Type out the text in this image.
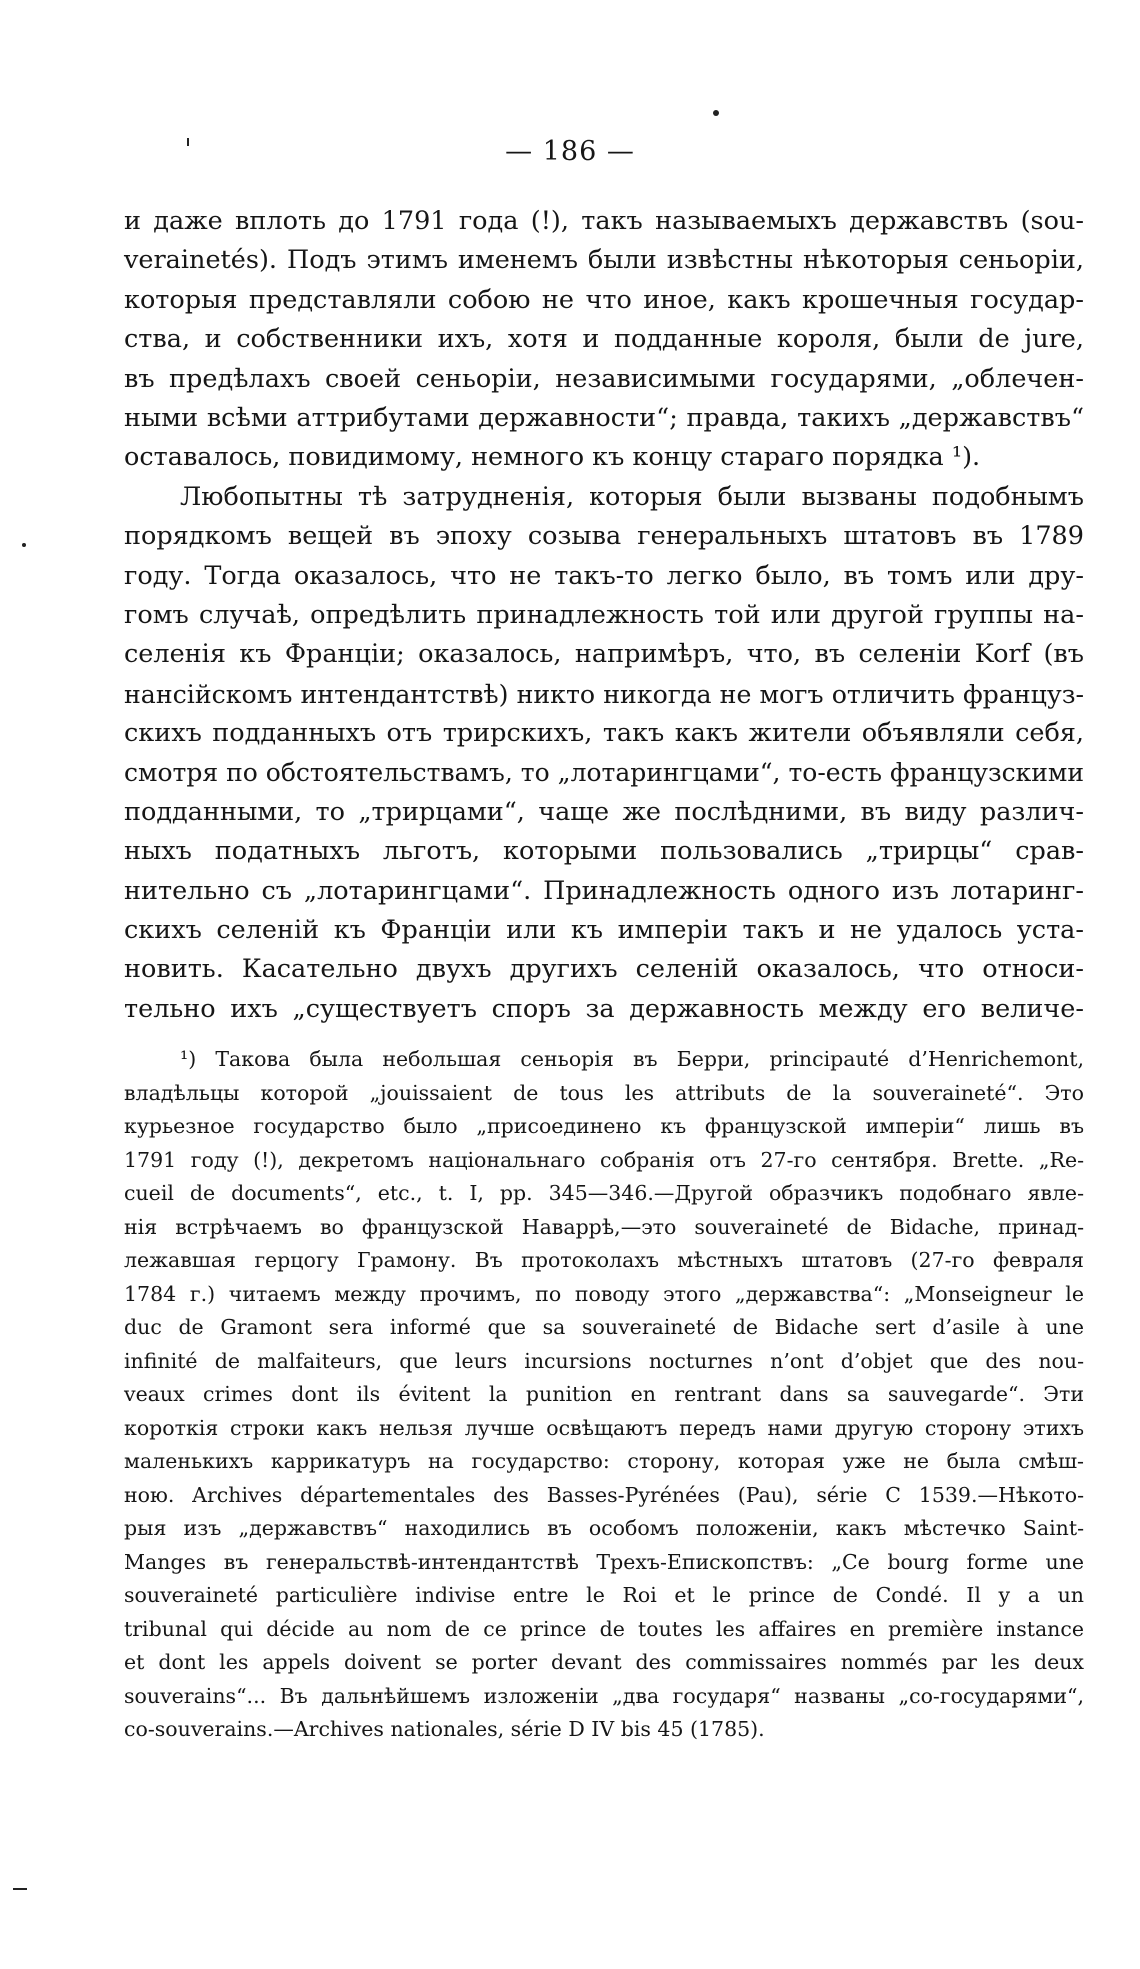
— 186 —
и даже вплоть до 1791 года (!), такъ называемыхъ державствъ (sou-
verainetés). Подъ этимъ именемъ были извѣстны нѣкоторыя сеньоріи,
которыя представляли собою не что иное, какъ крошечныя государ-
ства, и собственники ихъ, хотя и подданные короля, были de jure,
въ предѣлахъ своей сеньоріи, независимыми государями, „облечен-
ными всѣми аттрибутами державности“; правда, такихъ „державствъ“
оставалось, повидимому, немного къ концу стараго порядка ¹).
Любопытны тѣ затрудненія, которыя были вызваны подобнымъ
порядкомъ вещей въ эпоху созыва генеральныхъ штатовъ въ 1789
году. Тогда оказалось, что не такъ-то легко было, въ томъ или дру-
гомъ случаѣ, опредѣлить принадлежность той или другой группы на-
селенія къ Франціи; оказалось, напримѣръ, что, въ селеніи Korf (въ
нансійскомъ интендантствѣ) никто никогда не могъ отличить француз-
скихъ подданныхъ отъ трирскихъ, такъ какъ жители объявляли себя,
смотря по обстоятельствамъ, то „лотарингцами“, то-есть французскими
подданными, то „трирцами“, чаще же послѣдними, въ виду различ-
ныхъ податныхъ льготъ, которыми пользовались „трирцы“ срав-
нительно съ „лотарингцами“. Принадлежность одного изъ лотаринг-
скихъ селеній къ Франціи или къ имперіи такъ и не удалось уста-
новить. Касательно двухъ другихъ селеній оказалось, что относи-
тельно ихъ „существуетъ споръ за державность между его величе-
¹) Такова была небольшая сеньорія въ Берри, principauté d’Henrichemont,
владѣльцы которой „jouissaient de tous les attributs de la souveraineté“. Это
курьезное государство было „присоединено къ французской имперіи“ лишь въ
1791 году (!), декретомъ національнаго собранія отъ 27-го сентября. Brette. „Re-
cueil de documents“, etc., t. I, pp. 345—346.—Другой образчикъ подобнаго явле-
нія встрѣчаемъ во французской Наваррѣ,—это souveraineté de Bidache, принад-
лежавшая герцогу Грамону. Въ протоколахъ мѣстныхъ штатовъ (27-го февраля
1784 г.) читаемъ между прочимъ, по поводу этого „державства“: „Monseigneur le
duc de Gramont sera informé que sa souveraineté de Bidache sert d’asile à une
infinité de malfaiteurs, que leurs incursions nocturnes n’ont d’objet que des nou-
veaux crimes dont ils évitent la punition en rentrant dans sa sauvegarde“. Эти
короткія строки какъ нельзя лучше освѣщаютъ передъ нами другую сторону этихъ
маленькихъ каррикатуръ на государство: сторону, которая уже не была смѣш-
ною. Archives départementales des Basses-Pyrénées (Pau), série C 1539.—Нѣкото-
рыя изъ „державствъ“ находились въ особомъ положеніи, какъ мѣстечко Saint-
Manges въ генеральствѣ-интендантствѣ Трехъ-Епископствъ: „Ce bourg forme une
souveraineté particulière indivise entre le Roi et le prince de Condé. Il y a un
tribunal qui décide au nom de ce prince de toutes les affaires en première instance
et dont les appels doivent se porter devant des commissaires nommés par les deux
souverains“... Въ дальнѣйшемъ изложеніи „два государя“ названы „со-государями“,
co-souverains.—Archives nationales, série D IV bis 45 (1785).
